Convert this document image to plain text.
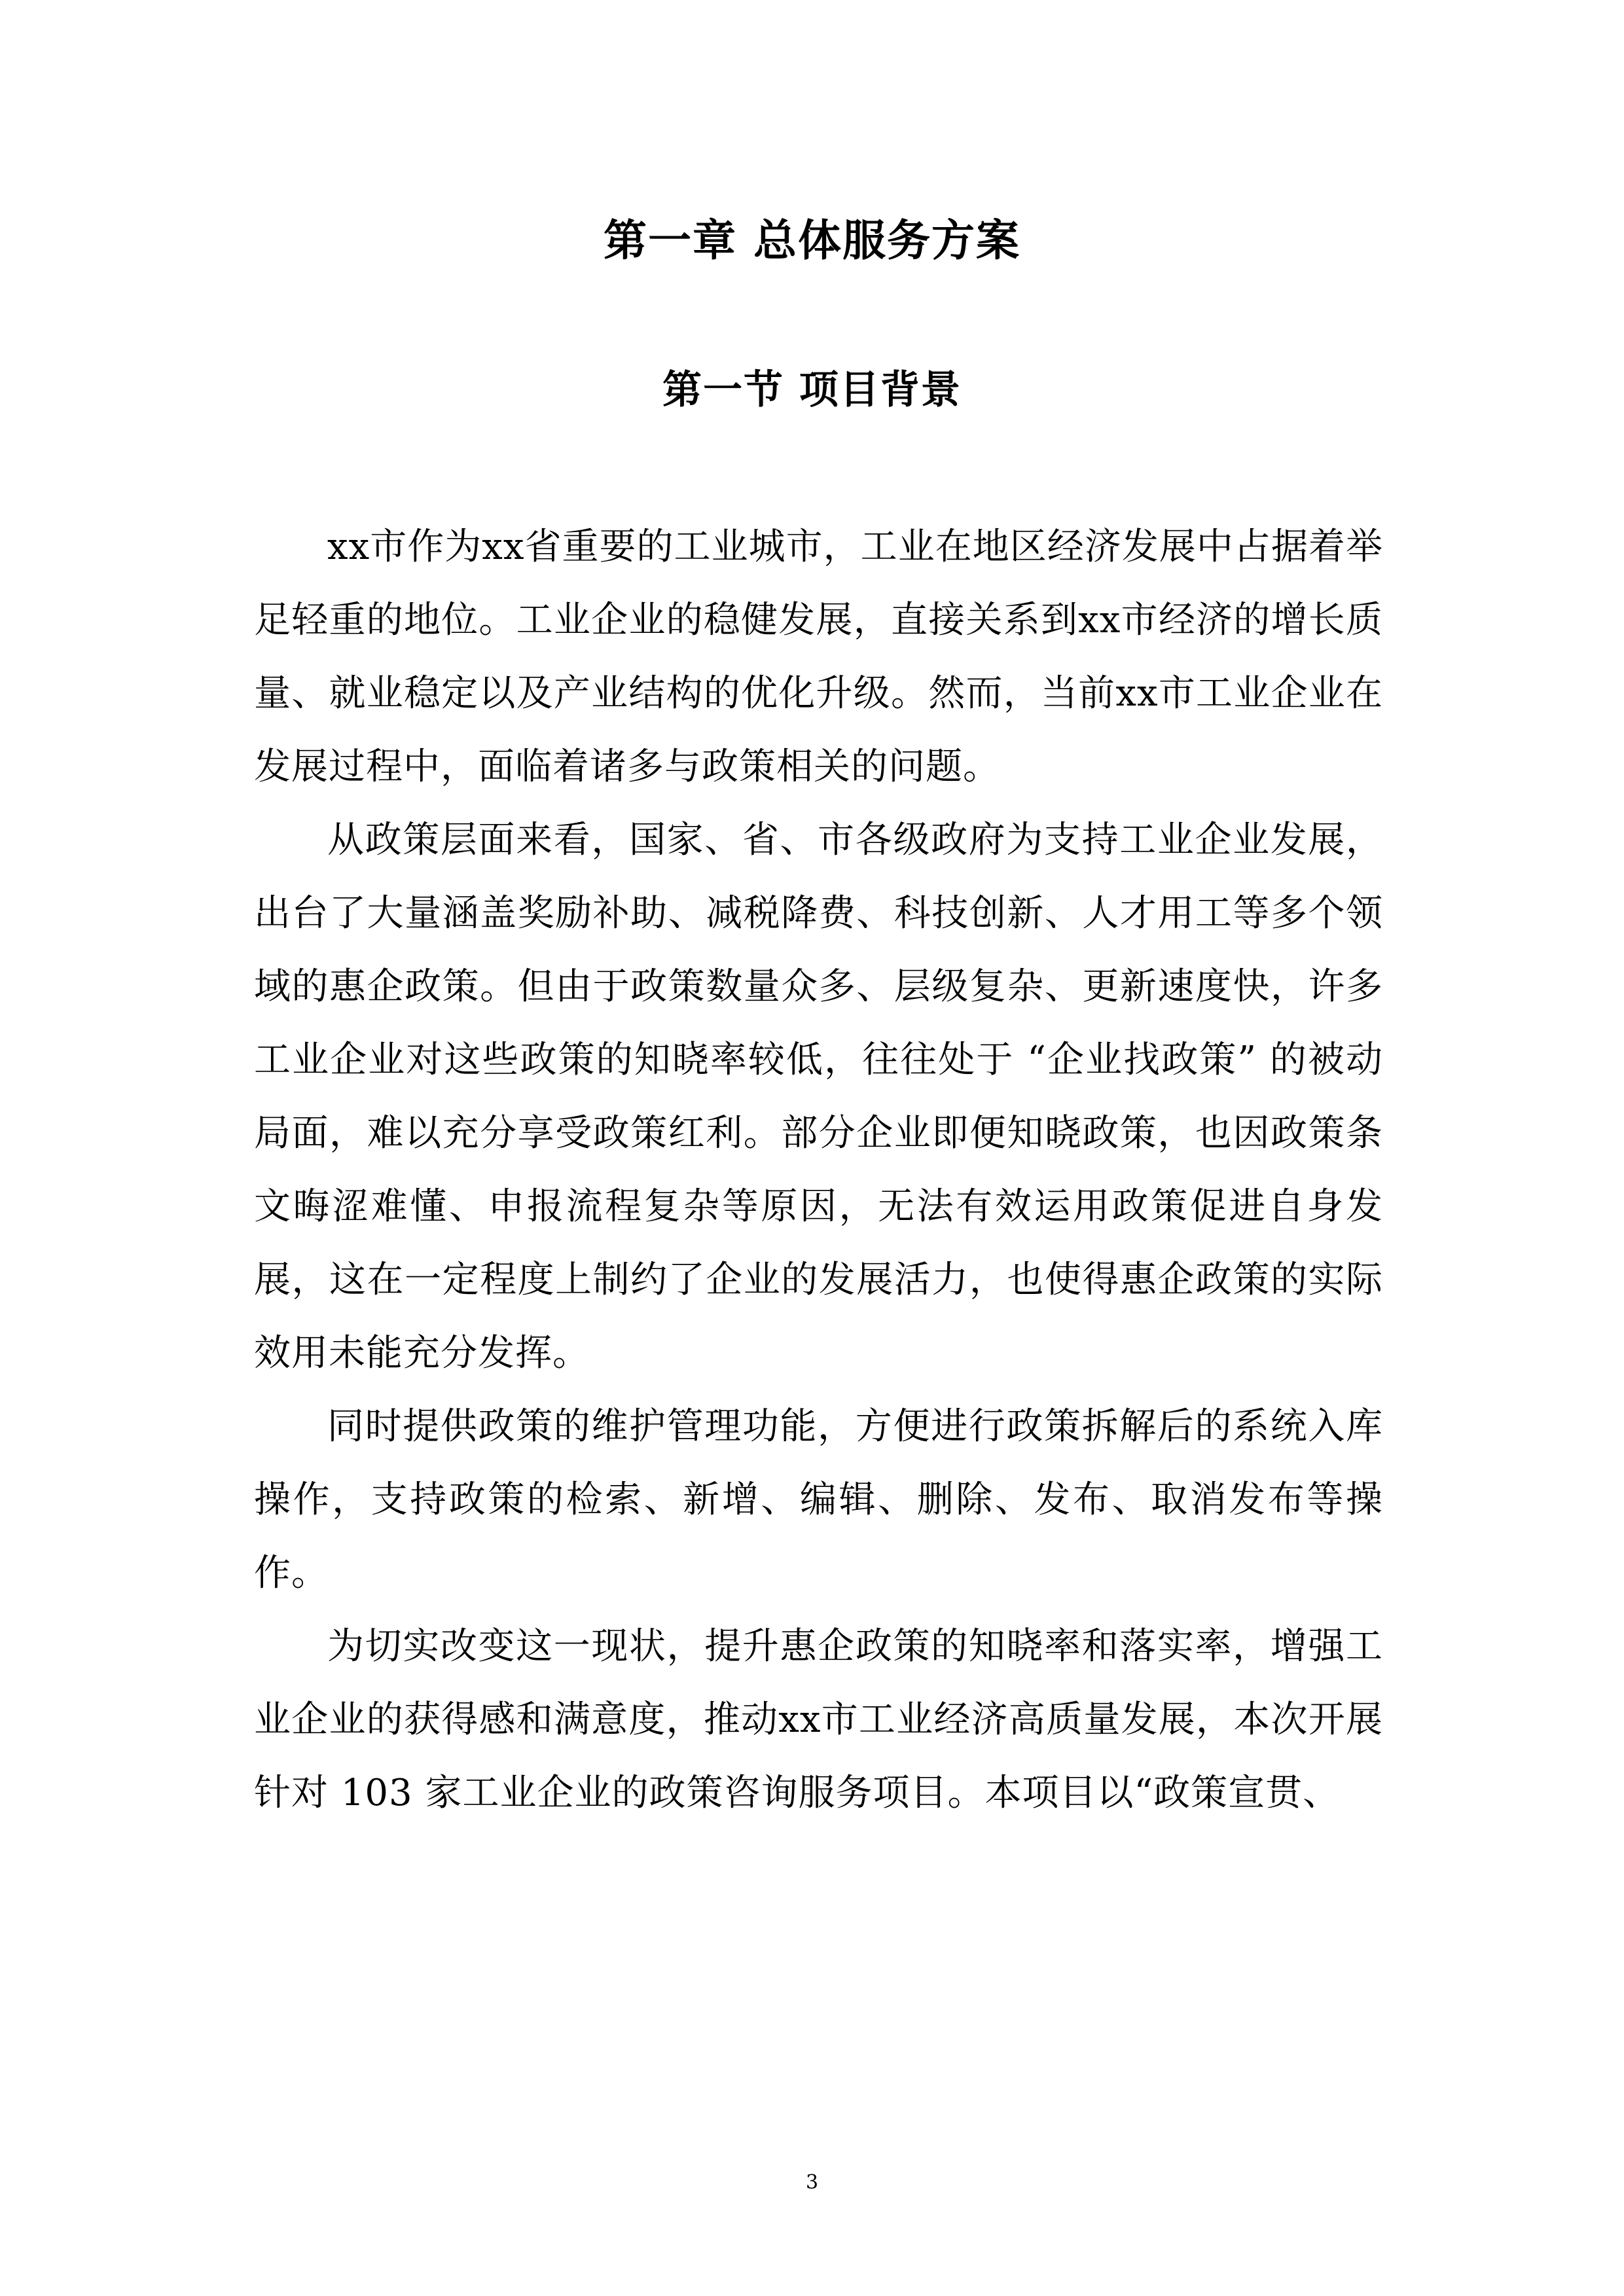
第一章 总体服务方案
第一节 项目背景

xx市作为xx省重要的工业城市，工业在地区经济发展中占据着举足轻重的地位。工业企业的稳健发展，直接关系到xx市经济的增长质量、就业稳定以及产业结构的优化升级。然而，当前xx市工业企业在发展过程中，面临着诸多与政策相关的问题。

从政策层面来看，国家、省、市各级政府为支持工业企业发展，出台了大量涵盖奖励补助、减税降费、科技创新、人才用工等多个领域的惠企政策。但由于政策数量众多、层级复杂、更新速度快，许多工业企业对这些政策的知晓率较低，往往处于 “企业找政策” 的被动局面，难以充分享受政策红利。部分企业即便知晓政策，也因政策条文晦涩难懂、申报流程复杂等原因，无法有效运用政策促进自身发展，这在一定程度上制约了企业的发展活力，也使得惠企政策的实际效用未能充分发挥。

同时提供政策的维护管理功能，方便进行政策拆解后的系统入库操作，支持政策的检索、新增、编辑、删除、发布、取消发布等操作。

为切实改变这一现状，提升惠企政策的知晓率和落实率，增强工业企业的获得感和满意度，推动xx市工业经济高质量发展，本次开展针对 103 家工业企业的政策咨询服务项目。本项目以“政策宣贯、

3
